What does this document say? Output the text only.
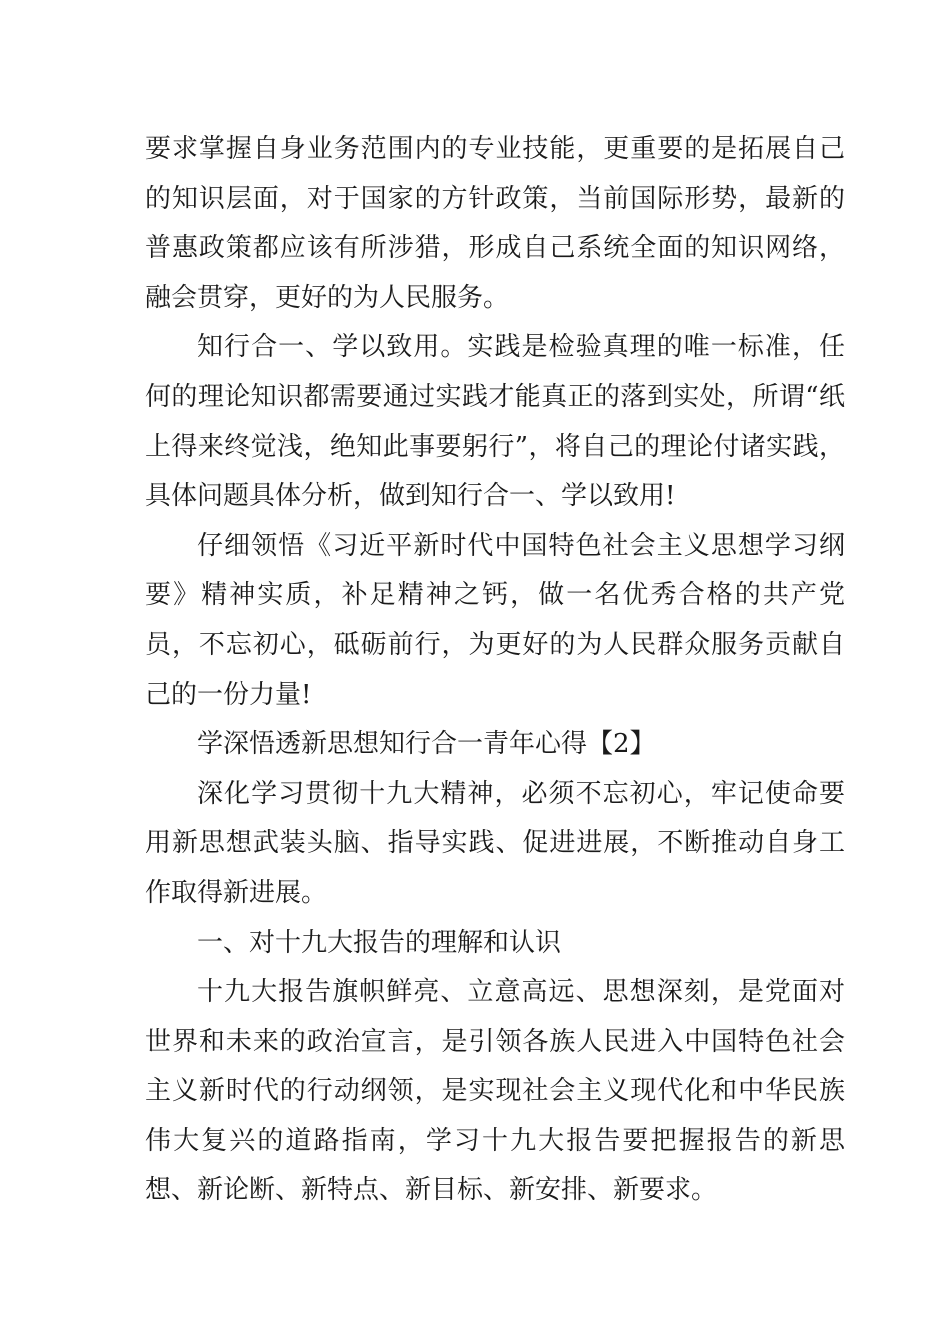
要求掌握自身业务范围内的专业技能，更重要的是拓展自己的知识层面，对于国家的方针政策，当前国际形势，最新的普惠政策都应该有所涉猎，形成自己系统全面的知识网络，融会贯穿，更好的为人民服务。

知行合一、学以致用。实践是检验真理的唯一标准，任何的理论知识都需要通过实践才能真正的落到实处，所谓“纸上得来终觉浅，绝知此事要躬行”，将自己的理论付诸实践，具体问题具体分析，做到知行合一、学以致用!

仔细领悟《习近平新时代中国特色社会主义思想学习纲要》精神实质，补足精神之钙，做一名优秀合格的共产党员，不忘初心，砥砺前行，为更好的为人民群众服务贡献自己的一份力量!

学深悟透新思想知行合一青年心得【2】

深化学习贯彻十九大精神，必须不忘初心，牢记使命要用新思想武装头脑、指导实践、促进进展，不断推动自身工作取得新进展。

一、对十九大报告的理解和认识

十九大报告旗帜鲜亮、立意高远、思想深刻，是党面对世界和未来的政治宣言，是引领各族人民进入中国特色社会主义新时代的行动纲领，是实现社会主义现代化和中华民族伟大复兴的道路指南，学习十九大报告要把握报告的新思想、新论断、新特点、新目标、新安排、新要求。
